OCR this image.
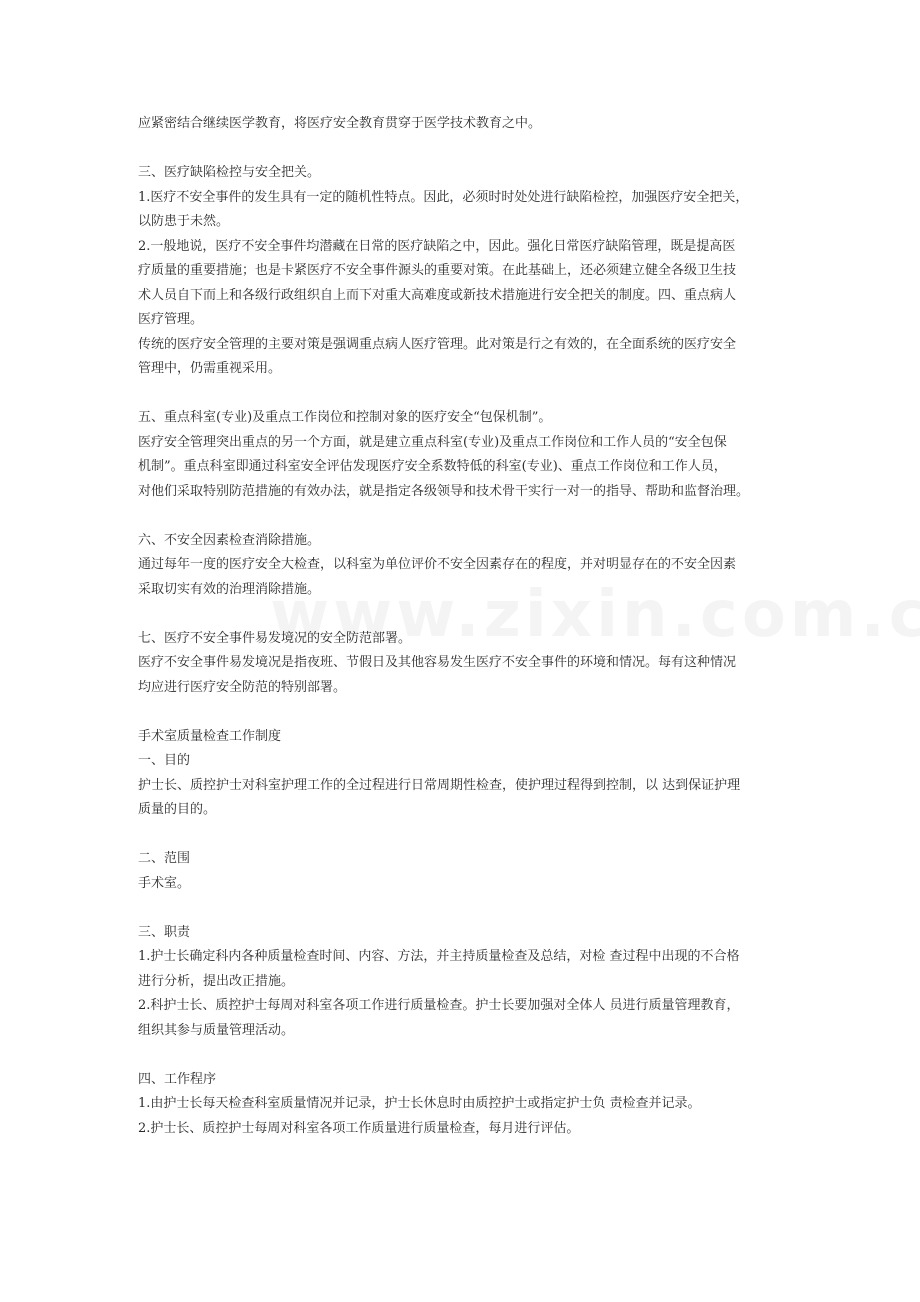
应紧密结合继续医学教育，将医疗安全教育贯穿于医学技术教育之中。
三、医疗缺陷检控与安全把关。
1.医疗不安全事件的发生具有一定的随机性特点。因此，必须时时处处进行缺陷检控，加强医疗安全把关，
以防患于未然。
2.一般地说，医疗不安全事件均潜藏在日常的医疗缺陷之中，因此。强化日常医疗缺陷管理，既是提高医
疗质量的重要措施；也是卡紧医疗不安全事件源头的重要对策。在此基础上，还必须建立健全各级卫生技
术人员自下而上和各级行政组织自上而下对重大高难度或新技术措施进行安全把关的制度。四、重点病人
医疗管理。
传统的医疗安全管理的主要对策是强调重点病人医疗管理。此对策是行之有效的，在全面系统的医疗安全
管理中，仍需重视采用。
五、重点科室(专业)及重点工作岗位和控制对象的医疗安全“包保机制”。
医疗安全管理突出重点的另一个方面，就是建立重点科室(专业)及重点工作岗位和工作人员的“安全包保
机制”。重点科室即通过科室安全评估发现医疗安全系数特低的科室(专业)、重点工作岗位和工作人员，
对他们采取特别防范措施的有效办法，就是指定各级领导和技术骨干实行一对一的指导、帮助和监督治理。
六、不安全因素检查消除措施。
通过每年一度的医疗安全大检查，以科室为单位评价不安全因素存在的程度，并对明显存在的不安全因素
采取切实有效的治理消除措施。
七、医疗不安全事件易发境况的安全防范部署。
医疗不安全事件易发境况是指夜班、节假日及其他容易发生医疗不安全事件的环境和情况。每有这种情况
均应进行医疗安全防范的特别部署。
手术室质量检查工作制度
一、目的
护士长、质控护士对科室护理工作的全过程进行日常周期性检查，使护理过程得到控制，以 达到保证护理
质量的目的。
二、范围
手术室。
三、职责
1.护士长确定科内各种质量检查时间、内容、方法，并主持质量检查及总结，对检 查过程中出现的不合格
进行分析，提出改正措施。
2.科护士长、质控护士每周对科室各项工作进行质量检查。护士长要加强对全体人 员进行质量管理教育，
组织其参与质量管理活动。
四、工作程序
1.由护士长每天检查科室质量情况并记录，护士长休息时由质控护士或指定护士负 责检查并记录。
2.护士长、质控护士每周对科室各项工作质量进行质量检查，每月进行评估。
